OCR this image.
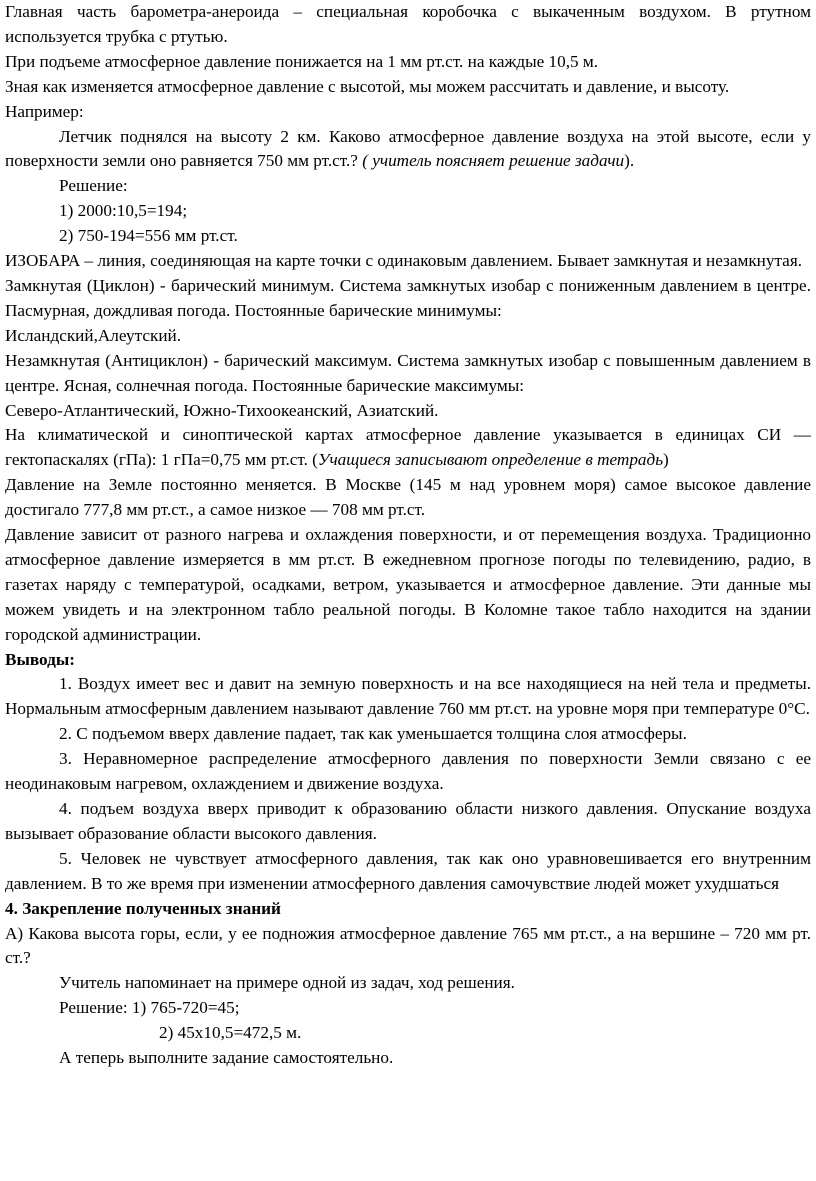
Главная часть барометра-анероида – специальная коробочка с выкаченным воздухом. В ртутном используется трубка с ртутью.

При подъеме атмосферное давление понижается на 1 мм рт.ст. на каждые 10,5 м.

Зная как изменяется атмосферное давление с высотой, мы можем рассчитать и давление, и высоту.

Например:

Летчик поднялся на высоту 2 км. Каково атмосферное давление воздуха на этой высоте, если у поверхности земли оно равняется 750 мм рт.ст.? ( учитель поясняет решение задачи).

Решение:

1) 2000:10,5=194;

2) 750-194=556 мм рт.ст.

ИЗОБАРА – линия, соединяющая на карте точки с одинаковым давлением. Бывает замкнутая и незамкнутая.

Замкнутая (Циклон) - барический минимум. Система замкнутых изобар с пониженным давлением в центре. Пасмурная, дождливая погода. Постоянные барические минимумы:

Исландский,Алеутский.

Незамкнутая (Антициклон) - барический максимум. Система замкнутых изобар с повышенным давлением в центре. Ясная, солнечная погода. Постоянные барические максимумы:

Северо-Атлантический, Южно-Тихоокеанский, Азиатский.

На климатической и синоптической картах атмосферное давление указывается в единицах СИ — гектопаскалях (гПа): 1 гПа=0,75 мм рт.ст. (Учащиеся записывают определение в тетрадь)

Давление на Земле постоянно меняется. В Москве (145 м над уровнем моря) самое высокое давление достигало 777,8 мм рт.ст., а самое низкое — 708 мм рт.ст.

Давление зависит от разного нагрева и охлаждения поверхности, и от перемещения воздуха. Традиционно атмосферное давление измеряется в мм рт.ст. В ежедневном прогнозе погоды по телевидению, радио, в газетах наряду с температурой, осадками, ветром, указывается и атмосферное давление. Эти данные мы можем увидеть и на электронном табло реальной погоды. В Коломне такое табло находится на здании городской администрации.

Выводы:

1. Воздух имеет вес и давит на земную поверхность и на все находящиеся на ней тела и предметы. Нормальным атмосферным давлением называют давление 760 мм рт.ст. на уровне моря при температуре 0°С.

2. С подъемом вверх давление падает, так как уменьшается толщина слоя атмосферы.

3. Неравномерное распределение атмосферного давления по поверхности Земли связано с ее неодинаковым нагревом, охлаждением и движение воздуха.

4. подъем воздуха вверх приводит к образованию области низкого давления. Опускание воздуха вызывает образование области высокого давления.

5. Человек не чувствует атмосферного давления, так как оно уравновешивается его внутренним давлением. В то же время при изменении атмосферного давления самочувствие людей может ухудшаться

4. Закрепление полученных знаний

А) Какова высота горы, если, у ее подножия атмосферное давление 765 мм рт.ст., а на вершине – 720 мм рт. ст.?

Учитель напоминает на примере одной из задач, ход решения.

Решение: 1) 765-720=45;

2) 45х10,5=472,5 м.

А теперь выполните задание самостоятельно.
